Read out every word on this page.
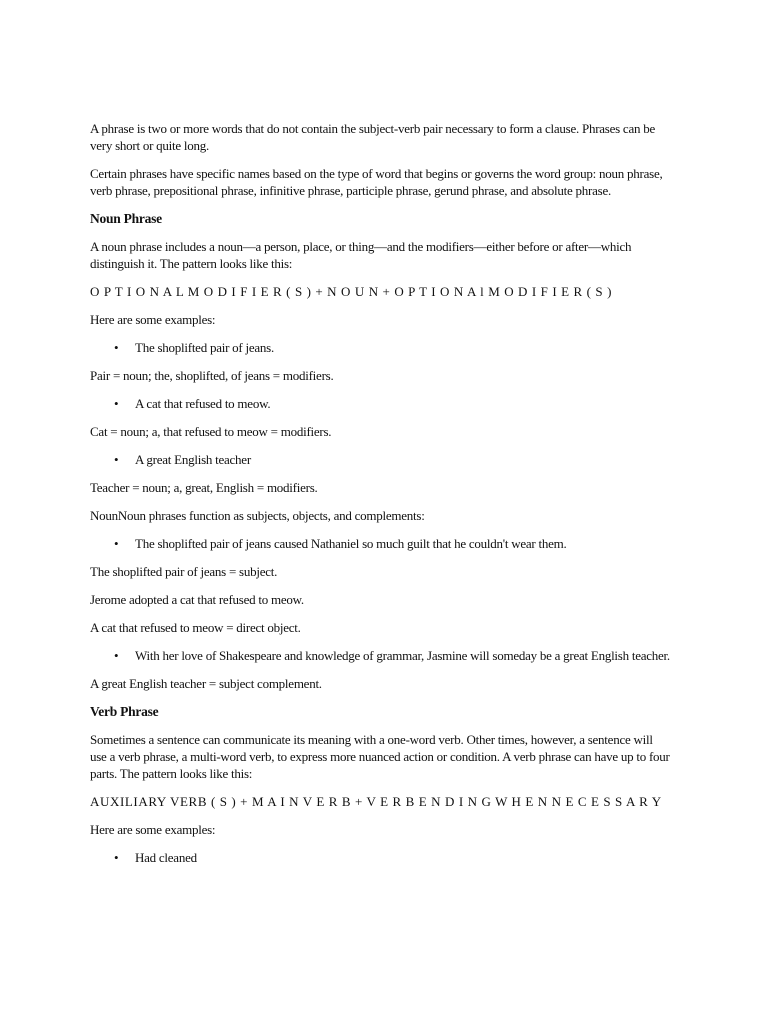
A phrase is two or more words that do not contain the subject-verb pair necessary to form a clause. Phrases can be very short or quite long.

Certain phrases have specific names based on the type of word that begins or governs the word group: noun phrase, verb phrase, prepositional phrase, infinitive phrase, participle phrase, gerund phrase, and absolute phrase.

Noun Phrase

A noun phrase includes a noun—a person, place, or thing—and the modifiers—either before or after—which distinguish it. The pattern looks like this:

O P T I O N A L M O D I F I E R ( S ) + N O U N + O P T I O N A l M O D I F I E R ( S )

Here are some examples:

• The shoplifted pair of jeans.

Pair = noun; the, shoplifted, of jeans = modifiers.

• A cat that refused to meow.

Cat = noun; a, that refused to meow = modifiers.

• A great English teacher

Teacher = noun; a, great, English = modifiers.

NounNoun phrases function as subjects, objects, and complements:

• The shoplifted pair of jeans caused Nathaniel so much guilt that he couldn't wear them.

The shoplifted pair of jeans = subject.

Jerome adopted a cat that refused to meow.

A cat that refused to meow = direct object.

• With her love of Shakespeare and knowledge of grammar, Jasmine will someday be a great English teacher.

A great English teacher = subject complement.

Verb Phrase

Sometimes a sentence can communicate its meaning with a one-word verb. Other times, however, a sentence will use a verb phrase, a multi-word verb, to express more nuanced action or condition. A verb phrase can have up to four parts. The pattern looks like this:

AUXILIARY VERB ( S ) + M A I N V E R B + V E R B E N D I N G W H E N N E C E S S A R Y

Here are some examples:

• Had cleaned
